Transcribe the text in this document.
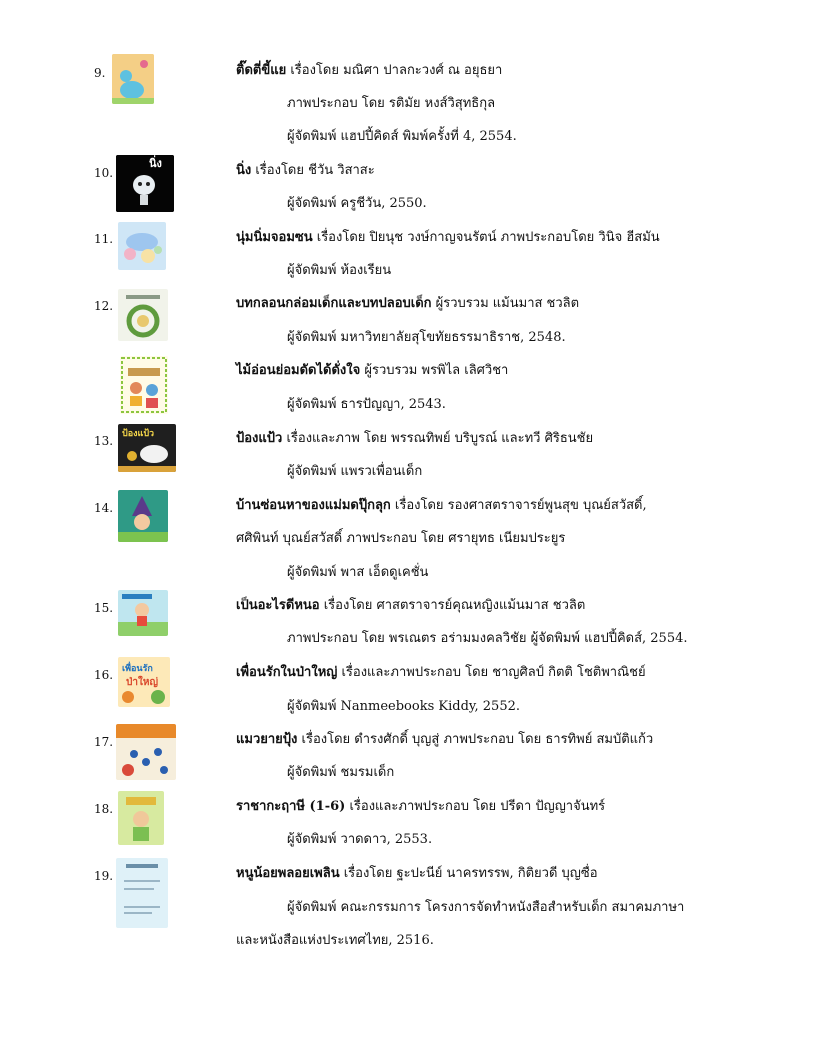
9.	ติ๊ดตี่ขี้แย เรื่องโดย มณิศา ปาลกะวงศ์ ณ อยุธยา
ภาพประกอบ โดย รติมัย หงส์วิสุทธิกุล
ผู้จัดพิมพ์ แฮปปี้คิดส์ พิมพ์ครั้งที่ 4, 2554.
10.
นิ่ง	นิ่ง เรื่องโดย ชีวัน วิสาสะ
ผู้จัดพิมพ์ ครูชีวัน, 2550.
11.	นุ่มนิ่มจอมซน เรื่องโดย ปิยนุช วงษ์กาญจนรัตน์ ภาพประกอบโดย วินิจ ฮีสมัน
ผู้จัดพิมพ์ ห้องเรียน
12.	บทกลอนกล่อมเด็กและบทปลอบเด็ก ผู้รวบรวม แม้นมาส ชวลิต
ผู้จัดพิมพ์ มหาวิทยาลัยสุโขทัยธรรมาธิราช, 2548.
ไม้อ่อนย่อมดัดได้ดั่งใจ ผู้รวบรวม พรพิไล เลิศวิชา
ผู้จัดพิมพ์ ธารปัญญา, 2543.
13. ป้องแป้ว	ป้องแป้ว เรื่องและภาพ โดย พรรณทิพย์ บริบูรณ์ และทวี ศิริธนชัย
ผู้จัดพิมพ์ แพรวเพื่อนเด็ก
14.	บ้านซ่อนหาของแม่มดปุ๊กลุก เรื่องโดย รองศาสตราจารย์พูนสุข บุณย์สวัสดิ์,
ศศิพินท์ บุณย์สวัสดิ์ ภาพประกอบ โดย ศรายุทธ เนียมประยูร
ผู้จัดพิมพ์ พาส เอ็ดดูเคชั่น
15.	เป็นอะไรดีหนอ เรื่องโดย ศาสตราจารย์คุณหญิงแม้นมาส ชวลิต
ภาพประกอบ โดย พรเณตร อร่ามมงคลวิชัย ผู้จัดพิมพ์ แฮปปี้คิดส์, 2554.
16. เพื่อนรัก
ป่าใหญ่
เพื่อนรักในป่าใหญ่ เรื่องและภาพประกอบ โดย ชาญศิลป์ กิตติ โชติพาณิชย์
ผู้จัดพิมพ์ Nanmeebooks Kiddy, 2552.
17.	แมวยายปุ้ง เรื่องโดย ดำรงศักดิ์ บุญสู่ ภาพประกอบ โดย ธารทิพย์ สมบัติแก้ว
ผู้จัดพิมพ์ ชมรมเด็ก
18.	ราชากะฤาษี (1-6) เรื่องและภาพประกอบ โดย ปรีดา ปัญญาจันทร์
ผู้จัดพิมพ์ วาดดาว, 2553.
19.	หนูน้อยพลอยเพลิน เรื่องโดย ฐะปะนีย์ นาครทรรพ, กิติยวดี บุญซื่อ
ผู้จัดพิมพ์ คณะกรรมการ โครงการจัดทำหนังสือสำหรับเด็ก สมาคมภาษา
และหนังสือแห่งประเทศไทย, 2516.
